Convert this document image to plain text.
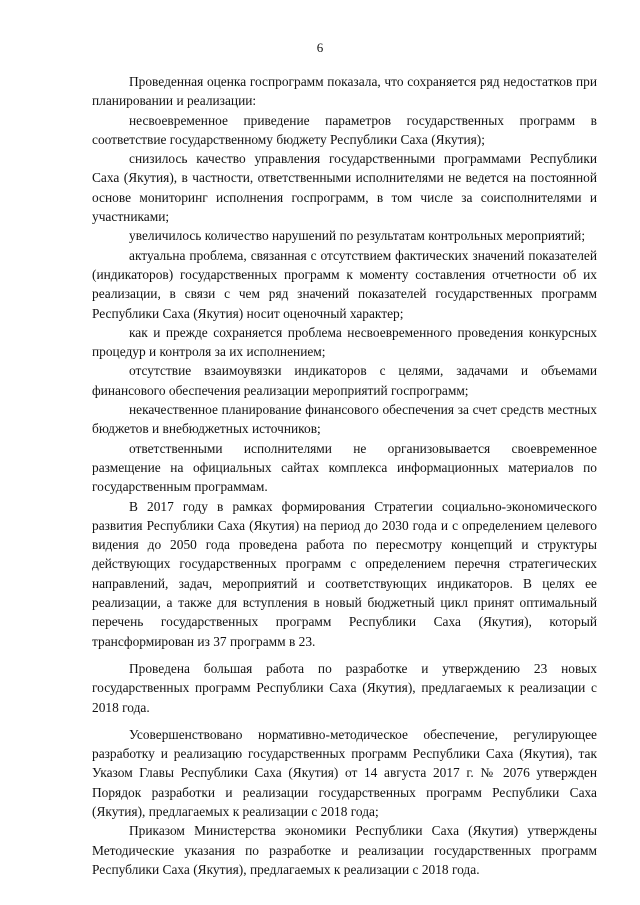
6

Проведенная оценка госпрограмм показала, что сохраняется ряд недостатков при планировании и реализации:

несвоевременное приведение параметров государственных программ в соответствие государственному бюджету Республики Саха (Якутия);

снизилось качество управления государственными программами Республики Саха (Якутия), в частности, ответственными исполнителями не ведется на постоянной основе мониторинг исполнения госпрограмм, в том числе за соисполнителями и участниками;

увеличилось количество нарушений по результатам контрольных мероприятий;

актуальна проблема, связанная с отсутствием фактических значений показателей (индикаторов) государственных программ к моменту составления отчетности об их реализации, в связи с чем ряд значений показателей государственных программ Республики Саха (Якутия) носит оценочный характер;

как и прежде сохраняется проблема несвоевременного проведения конкурсных процедур и контроля за их исполнением;

отсутствие взаимоувязки индикаторов с целями, задачами и объемами финансового обеспечения реализации мероприятий госпрограмм;

некачественное планирование финансового обеспечения за счет средств местных бюджетов и внебюджетных источников;

ответственными исполнителями не организовывается своевременное размещение на официальных сайтах комплекса информационных материалов по государственным программам.

В 2017 году в рамках формирования Стратегии социально-экономического развития Республики Саха (Якутия) на период до 2030 года и с определением целевого видения до 2050 года проведена работа по пересмотру концепций и структуры действующих государственных программ с определением перечня стратегических направлений, задач, мероприятий и соответствующих индикаторов. В целях ее реализации, а также для вступления в новый бюджетный цикл принят оптимальный перечень государственных программ Республики Саха (Якутия), который трансформирован из 37 программ в 23.

Проведена большая работа по разработке и утверждению 23 новых государственных программ Республики Саха (Якутия), предлагаемых к реализации с 2018 года.

Усовершенствовано нормативно-методическое обеспечение, регулирующее разработку и реализацию государственных программ Республики Саха (Якутия), так Указом Главы Республики Саха (Якутия) от 14 августа 2017 г. № 2076 утвержден Порядок разработки и реализации государственных программ Республики Саха (Якутия), предлагаемых к реализации с 2018 года;

Приказом Министерства экономики Республики Саха (Якутия) утверждены Методические указания по разработке и реализации государственных программ Республики Саха (Якутия), предлагаемых к реализации с 2018 года.
